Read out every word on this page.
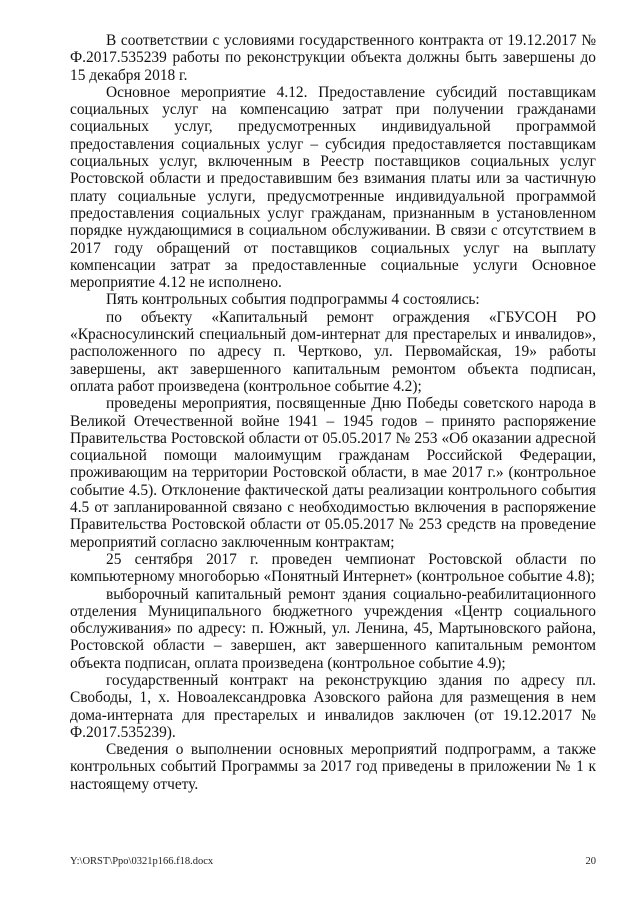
В соответствии с условиями государственного контракта от 19.12.2017 № Ф.2017.535239 работы по реконструкции объекта должны быть завершены до 15 декабря 2018 г.

Основное мероприятие 4.12. Предоставление субсидий поставщикам социальных услуг на компенсацию затрат при получении гражданами социальных услуг, предусмотренных индивидуальной программой предоставления социальных услуг – субсидия предоставляется поставщикам социальных услуг, включенным в Реестр поставщиков социальных услуг Ростовской области и предоставившим без взимания платы или за частичную плату социальные услуги, предусмотренные индивидуальной программой предоставления социальных услуг гражданам, признанным в установленном порядке нуждающимися в социальном обслуживании. В связи с отсутствием в 2017 году обращений от поставщиков социальных услуг на выплату компенсации затрат за предоставленные социальные услуги Основное мероприятие 4.12 не исполнено.

Пять контрольных события подпрограммы 4 состоялись:

по объекту «Капитальный ремонт ограждения «ГБУСОН РО «Красносулинский специальный дом-интернат для престарелых и инвалидов», расположенного по адресу п. Чертково, ул. Первомайская, 19» работы завершены, акт завершенного капитальным ремонтом объекта подписан, оплата работ произведена (контрольное событие 4.2);

проведены мероприятия, посвященные Дню Победы советского народа в Великой Отечественной войне 1941 – 1945 годов – принято распоряжение Правительства Ростовской области от 05.05.2017 № 253 «Об оказании адресной социальной помощи малоимущим гражданам Российской Федерации, проживающим на территории Ростовской области, в мае 2017 г.» (контрольное событие 4.5). Отклонение фактической даты реализации контрольного события 4.5 от запланированной связано с необходимостью включения в распоряжение Правительства Ростовской области от 05.05.2017 № 253 средств на проведение мероприятий согласно заключенным контрактам;

25 сентября 2017 г. проведен чемпионат Ростовской области по компьютерному многоборью «Понятный Интернет» (контрольное событие 4.8);

выборочный капитальный ремонт здания социально-реабилитационного отделения Муниципального бюджетного учреждения «Центр социального обслуживания» по адресу: п. Южный, ул. Ленина, 45, Мартыновского района, Ростовской области – завершен, акт завершенного капитальным ремонтом объекта подписан, оплата произведена (контрольное событие 4.9);

государственный контракт на реконструкцию здания по адресу пл. Свободы, 1, х. Новоалександровка Азовского района для размещения в нем дома-интерната для престарелых и инвалидов заключен (от 19.12.2017 № Ф.2017.535239).

Сведения о выполнении основных мероприятий подпрограмм, а также контрольных событий Программы за 2017 год приведены в приложении № 1 к настоящему отчету.

Y:\ORST\Ppo\0321p166.f18.docx	20
